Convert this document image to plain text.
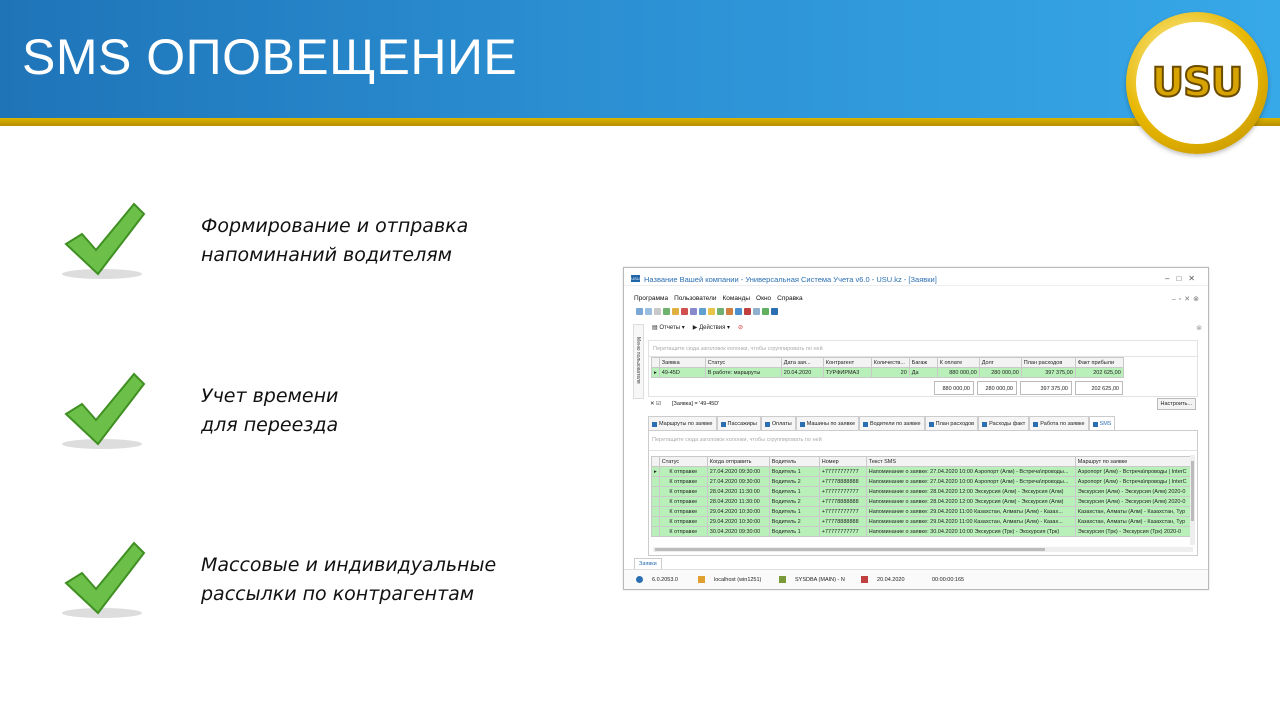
SMS ОПОВЕЩЕНИЕ	USU
Формирование и отправка
напоминаний водителям
Учет времени
для переезда
Массовые и индивидуальные
рассылки по контрагентам
USU Название Вашей компании - Универсальная Система Учета v6.0 - USU.kz - [Заявки]	–□✕
Программа Пользователи Команды Окно Справка	–▫✕⊗
▤ Отчеты ▾ ▶ Действия ▾ ⊘	⊗
Меню пользователя	Перетащите сюда заголовок колонки, чтобы сгруппировать по ней
	Заявка	Статус	Дата зая...	Контрагент	Количеств...	Багаж	К оплате	Долг	План расходов	Факт прибыли
▸	49-45D	В работе: маршруты	20.04.2020	ТУРФИРМА3	20	Да	880 000,00	280 000,00	397 375,00	202 625,00
880 000,00	280 000,00	397 375,00	202 625,00
✕ ☑ [Заявка] = '49-45D'	Настроить...
Маршруты по заявке	Пассажиры	Оплаты	Машины по заявке	Водители по заявке	План расходов	Расходы факт	Работа по заявке	SMS
Перетащите сюда заголовок колонки, чтобы сгруппировать по ней
	Статус	Когда отправить	Водитель	Номер	Текст SMS	Маршрут по заявке
▸	К отправке	27.04.2020 09:30:00	Водитель 1	+77777777777	Напоминание о заявке: 27.04.2020 10:00 Аэропорт (Алм) - Встреча\проводы...	Аэропорт (Алм) - Встреча\проводы | InterC
	К отправке	27.04.2020 09:30:00	Водитель 2	+77778888888	Напоминание о заявке: 27.04.2020 10:00 Аэропорт (Алм) - Встреча\проводы...	Аэропорт (Алм) - Встреча\проводы | InterC
	К отправке	28.04.2020 11:30:00	Водитель 1	+77777777777	Напоминание о заявке: 28.04.2020 12:00 Экскурсия (Алм) - Экскурсия (Алм)	Экскурсия (Алм) - Экскурсия (Алм) 2020-0
	К отправке	28.04.2020 11:30:00	Водитель 2	+77778888888	Напоминание о заявке: 28.04.2020 12:00 Экскурсия (Алм) - Экскурсия (Алм)	Экскурсия (Алм) - Экскурсия (Алм) 2020-0
	К отправке	29.04.2020 10:30:00	Водитель 1	+77777777777	Напоминание о заявке: 29.04.2020 11:00 Казахстан, Алматы (Алм) - Казах...	Казахстан, Алматы (Алм) - Казахстан, Тур
	К отправке	29.04.2020 10:30:00	Водитель 2	+77778888888	Напоминание о заявке: 29.04.2020 11:00 Казахстан, Алматы (Алм) - Казах...	Казахстан, Алматы (Алм) - Казахстан, Тур
	К отправке	30.04.2020 09:30:00	Водитель 1	+77777777777	Напоминание о заявке: 30.04.2020 10:00 Экскурсия (Трк) - Экскурсия (Трк)	Экскурсия (Трк) - Экскурсия (Трк) 2020-0
Заявки
6.0.2053.0	localhost (win1251)	SYSDBA (MAIN) - N	20.04.2020	00:00:00:165
